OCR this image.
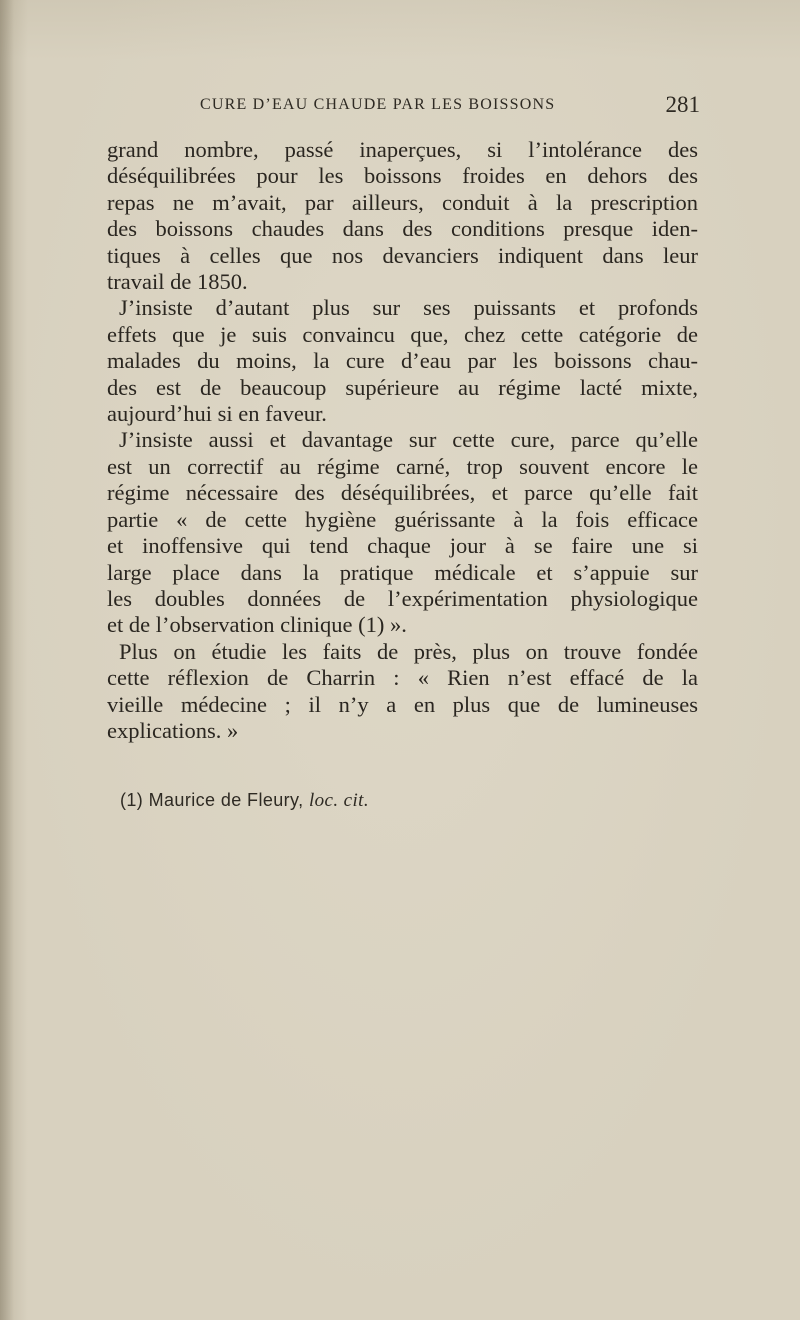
CURE D’EAU CHAUDE PAR LES BOISSONS	281
grand nombre, passé inaperçues, si l’intolérance des
déséquilibrées pour les boissons froides en dehors des
repas ne m’avait, par ailleurs, conduit à la prescription
des boissons chaudes dans des conditions presque iden-
tiques à celles que nos devanciers indiquent dans leur
travail de 1850.
J’insiste d’autant plus sur ses puissants et profonds
effets que je suis convaincu que, chez cette catégorie de
malades du moins, la cure d’eau par les boissons chau-
des est de beaucoup supérieure au régime lacté mixte,
aujourd’hui si en faveur.
J’insiste aussi et davantage sur cette cure, parce qu’elle
est un correctif au régime carné, trop souvent encore le
régime nécessaire des déséquilibrées, et parce qu’elle fait
partie « de cette hygiène guérissante à la fois efficace
et inoffensive qui tend chaque jour à se faire une si
large place dans la pratique médicale et s’appuie sur
les doubles données de l’expérimentation physiologique
et de l’observation clinique (1) ».
Plus on étudie les faits de près, plus on trouve fondée
cette réflexion de Charrin : « Rien n’est effacé de la
vieille médecine ; il n’y a en plus que de lumineuses
explications. »
(1) Maurice de Fleury, loc. cit.
